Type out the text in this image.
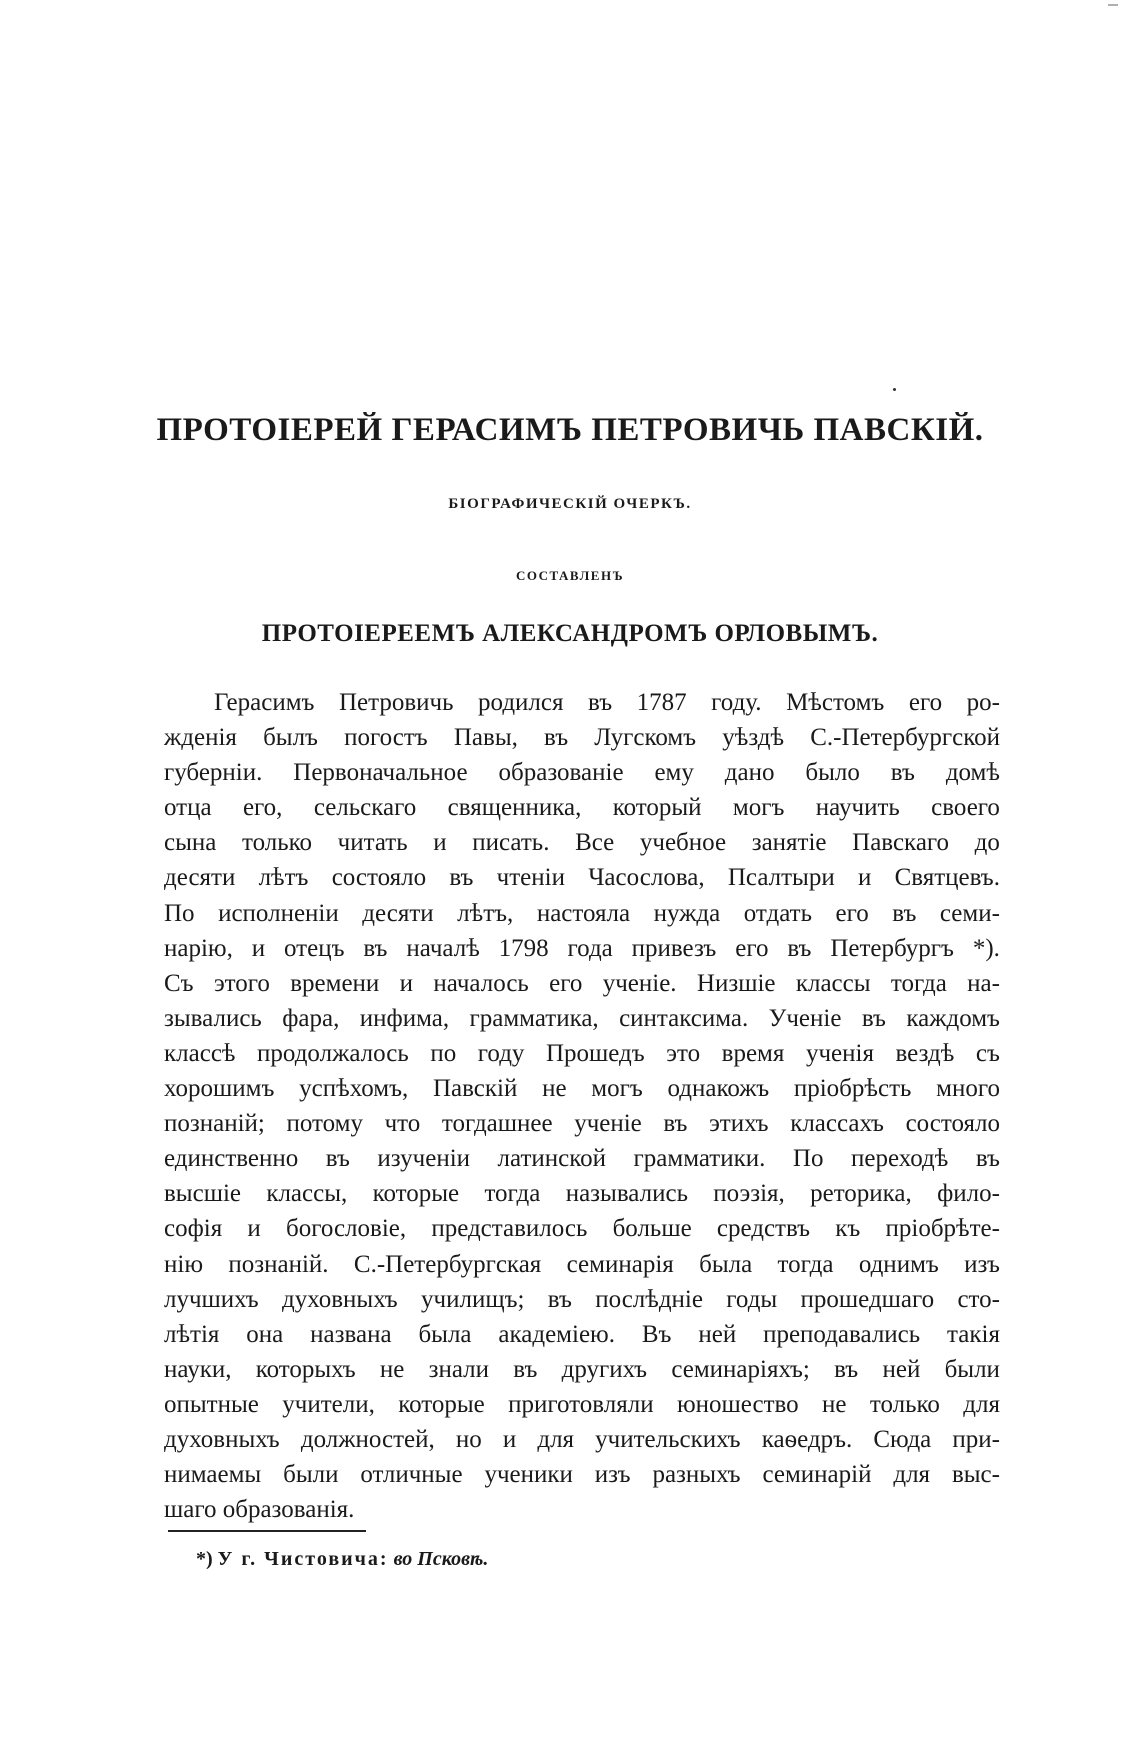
ПРОТОІЕРЕЙ ГЕРАСИМЪ ПЕТРОВИЧЬ ПАВСКІЙ.
БІОГРАФИЧЕСКІЙ ОЧЕРКЪ.
СОСТАВЛЕНЪ
ПРОТОІЕРЕЕМЪ АЛЕКСАНДРОМЪ ОРЛОВЫМЪ.
Герасимъ Петровичь родился въ 1787 году. Мѣстомъ его ро-
жденія былъ погостъ Павы, въ Лугскомъ уѣздѣ С.-Петербургской
губерніи. Первоначальное образованіе ему дано было въ домѣ
отца его, сельскаго священника, который могъ научить своего
сына только читать и писать. Все учебное занятіе Павскаго до
десяти лѣтъ состояло въ чтеніи Часослова, Псалтыри и Святцевъ.
По исполненіи десяти лѣтъ, настояла нужда отдать его въ семи-
нарію, и отецъ въ началѣ 1798 года привезъ его въ Петербургъ *).
Съ этого времени и началось его ученіе. Низшіе классы тогда на-
зывались фара, инфима, грамматика, синтаксима. Ученіе въ каждомъ
классѣ продолжалось по году Прошедъ это время ученія вездѣ съ
хорошимъ успѣхомъ, Павскій не могъ однакожъ пріобрѣсть много
познаній; потому что тогдашнее ученіе въ этихъ классахъ состояло
единственно въ изученіи латинской грамматики. По переходѣ въ
высшіе классы, которые тогда назывались поэзія, реторика, фило-
софія и богословіе, представилось больше средствъ къ пріобрѣте-
нію познаній. С.-Петербургская семинарія была тогда однимъ изъ
лучшихъ духовныхъ училищъ; въ послѣдніе годы прошедшаго сто-
лѣтія она названа была академіею. Въ ней преподавались такія
науки, которыхъ не знали въ другихъ семинаріяхъ; въ ней были
опытные учители, которые приготовляли юношество не только для
духовныхъ должностей, но и для учительскихъ каѳедръ. Сюда при-
нимаемы были отличные ученики изъ разныхъ семинарій для выс-
шаго образованія.
*) У г. Чистовича: во Псковѣ.
